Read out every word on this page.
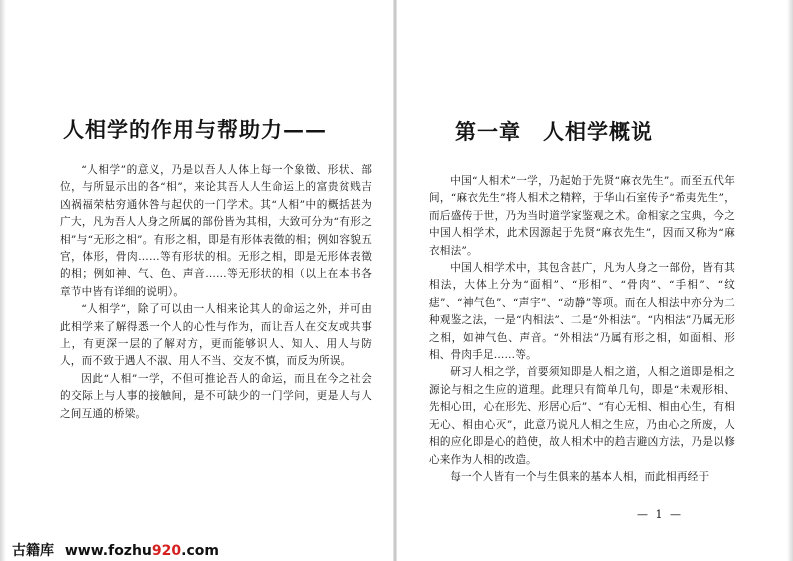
人相学的作用与帮助力——

“人相学”的意义，乃是以吾人人体上每一个象徵、形状、部位，与所显示出的各“相”，来论其吾人人生命运上的富贵贫贱吉凶祸福荣枯穷通休咎与起伏的一门学术。其“人相”中的概括甚为广大，凡为吾人人身之所属的部份皆为其相，大致可分为“有形之相”与“无形之相”。有形之相，即是有形体表徵的相；例如容貌五官，体形，骨肉……等有形状的相。无形之相，即是无形体表徵的相；例如神、气、色、声音……等无形状的相（以上在本书各章节中皆有详细的说明）。

“人相学”，除了可以由一人相来论其人的命运之外，并可由此相学来了解得悉一个人的心性与作为，而让吾人在交友或共事上，有更深一层的了解对方，更而能够识人、知人、用人与防人，而不致于遇人不淑、用人不当、交友不慎，而反为所误。

因此“人相”一学，不但可推论吾人的命运，而且在今之社会的交际上与人事的接触间，是不可缺少的一门学问，更是人与人之间互通的桥梁。

第一章　人相学概说

中国“人相术”一学，乃起始于先贤“麻衣先生”。而至五代年间，“麻衣先生”将人相术之精粹，于华山石室传予“希夷先生”，而后盛传于世，乃为当时道学家鉴观之术。命相家之宝典，今之中国人相学术，此术因源起于先贤“麻衣先生”，因而又称为“麻衣相法”。

中国人相学术中，其包含甚广，凡为人身之一部份，皆有其相法，大体上分为“面相”、“形相”、“骨肉”、“手相”、“纹痣”、“神气色”、“声宇”、“动静”等项。而在人相法中亦分为二种观鉴之法，一是“内相法”、二是“外相法”。“内相法”乃属无形之相，如神气色、声音。“外相法”乃属有形之相，如面相、形相、骨肉手足……等。

研习人相之学，首要须知即是人相之道，人相之道即是相之源论与相之生应的道理。此理只有简单几句，即是“未观形相、先相心田，心在形先、形居心后”、“有心无相、相由心生，有相无心、相由心灭”，此意乃说凡人相之生应，乃由心之所废，人相的应化即是心的趋使，故人相术中的趋吉避凶方法，乃是以修心来作为人相的改造。

每一个人皆有一个与生俱来的基本人相，而此相再经于

— 1 —
古籍库 www.fozhu920.com
